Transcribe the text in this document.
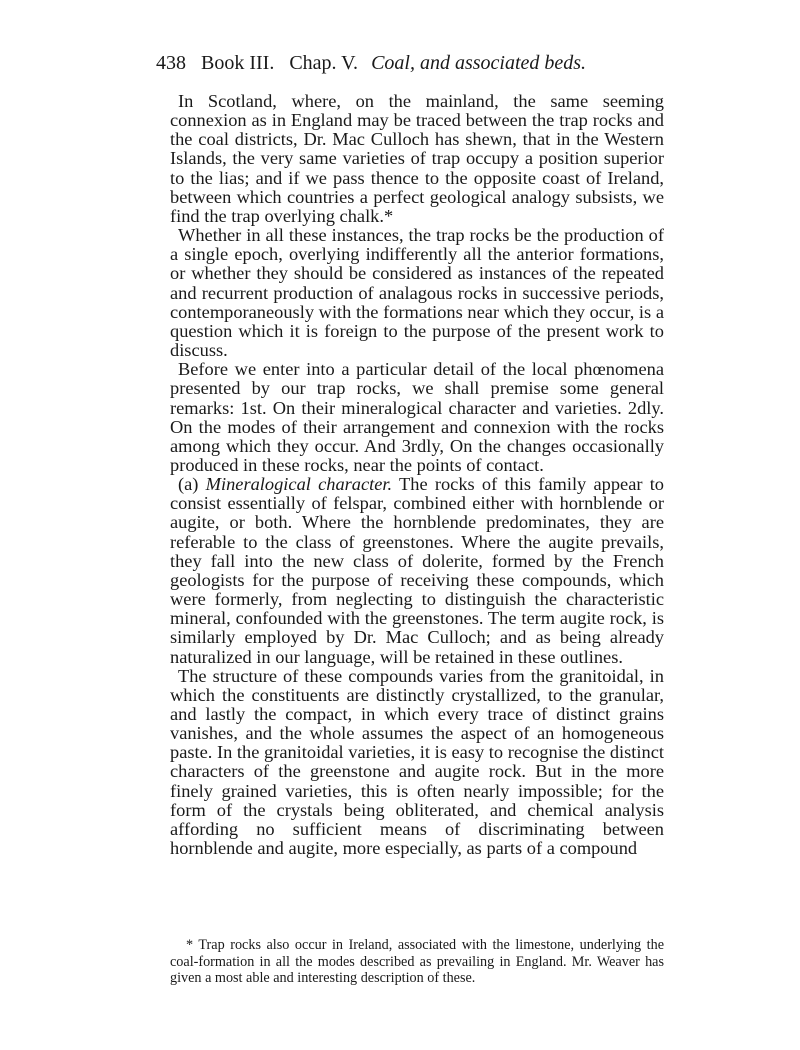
438 Book III. Chap. V. Coal, and associated beds.

In Scotland, where, on the mainland, the same seeming connexion as in England may be traced between the trap rocks and the coal districts, Dr. Mac Culloch has shewn, that in the Western Islands, the very same varieties of trap occupy a position superior to the lias; and if we pass thence to the opposite coast of Ireland, between which countries a perfect geological analogy subsists, we find the trap overlying chalk.*

Whether in all these instances, the trap rocks be the production of a single epoch, overlying indifferently all the anterior formations, or whether they should be considered as instances of the repeated and recurrent production of analagous rocks in successive periods, contemporaneously with the formations near which they occur, is a question which it is foreign to the purpose of the present work to discuss.

Before we enter into a particular detail of the local phœnomena presented by our trap rocks, we shall premise some general remarks: 1st. On their mineralogical character and varieties. 2dly. On the modes of their arrangement and connexion with the rocks among which they occur. And 3rdly, On the changes occasionally produced in these rocks, near the points of contact.

(a) Mineralogical character. The rocks of this family appear to consist essentially of felspar, combined either with hornblende or augite, or both. Where the hornblende predominates, they are referable to the class of greenstones. Where the augite prevails, they fall into the new class of dolerite, formed by the French geologists for the purpose of receiving these compounds, which were formerly, from neglecting to distinguish the characteristic mineral, confounded with the greenstones. The term augite rock, is similarly employed by Dr. Mac Culloch; and as being already naturalized in our language, will be retained in these outlines.

The structure of these compounds varies from the granitoidal, in which the constituents are distinctly crystallized, to the granular, and lastly the compact, in which every trace of distinct grains vanishes, and the whole assumes the aspect of an homogeneous paste. In the granitoidal varieties, it is easy to recognise the distinct characters of the greenstone and augite rock. But in the more finely grained varieties, this is often nearly impossible; for the form of the crystals being obliterated, and chemical analysis affording no sufficient means of discriminating between hornblende and augite, more especially, as parts of a compound

* Trap rocks also occur in Ireland, associated with the limestone, underlying the coal-formation in all the modes described as prevailing in England. Mr. Weaver has given a most able and interesting description of these.
